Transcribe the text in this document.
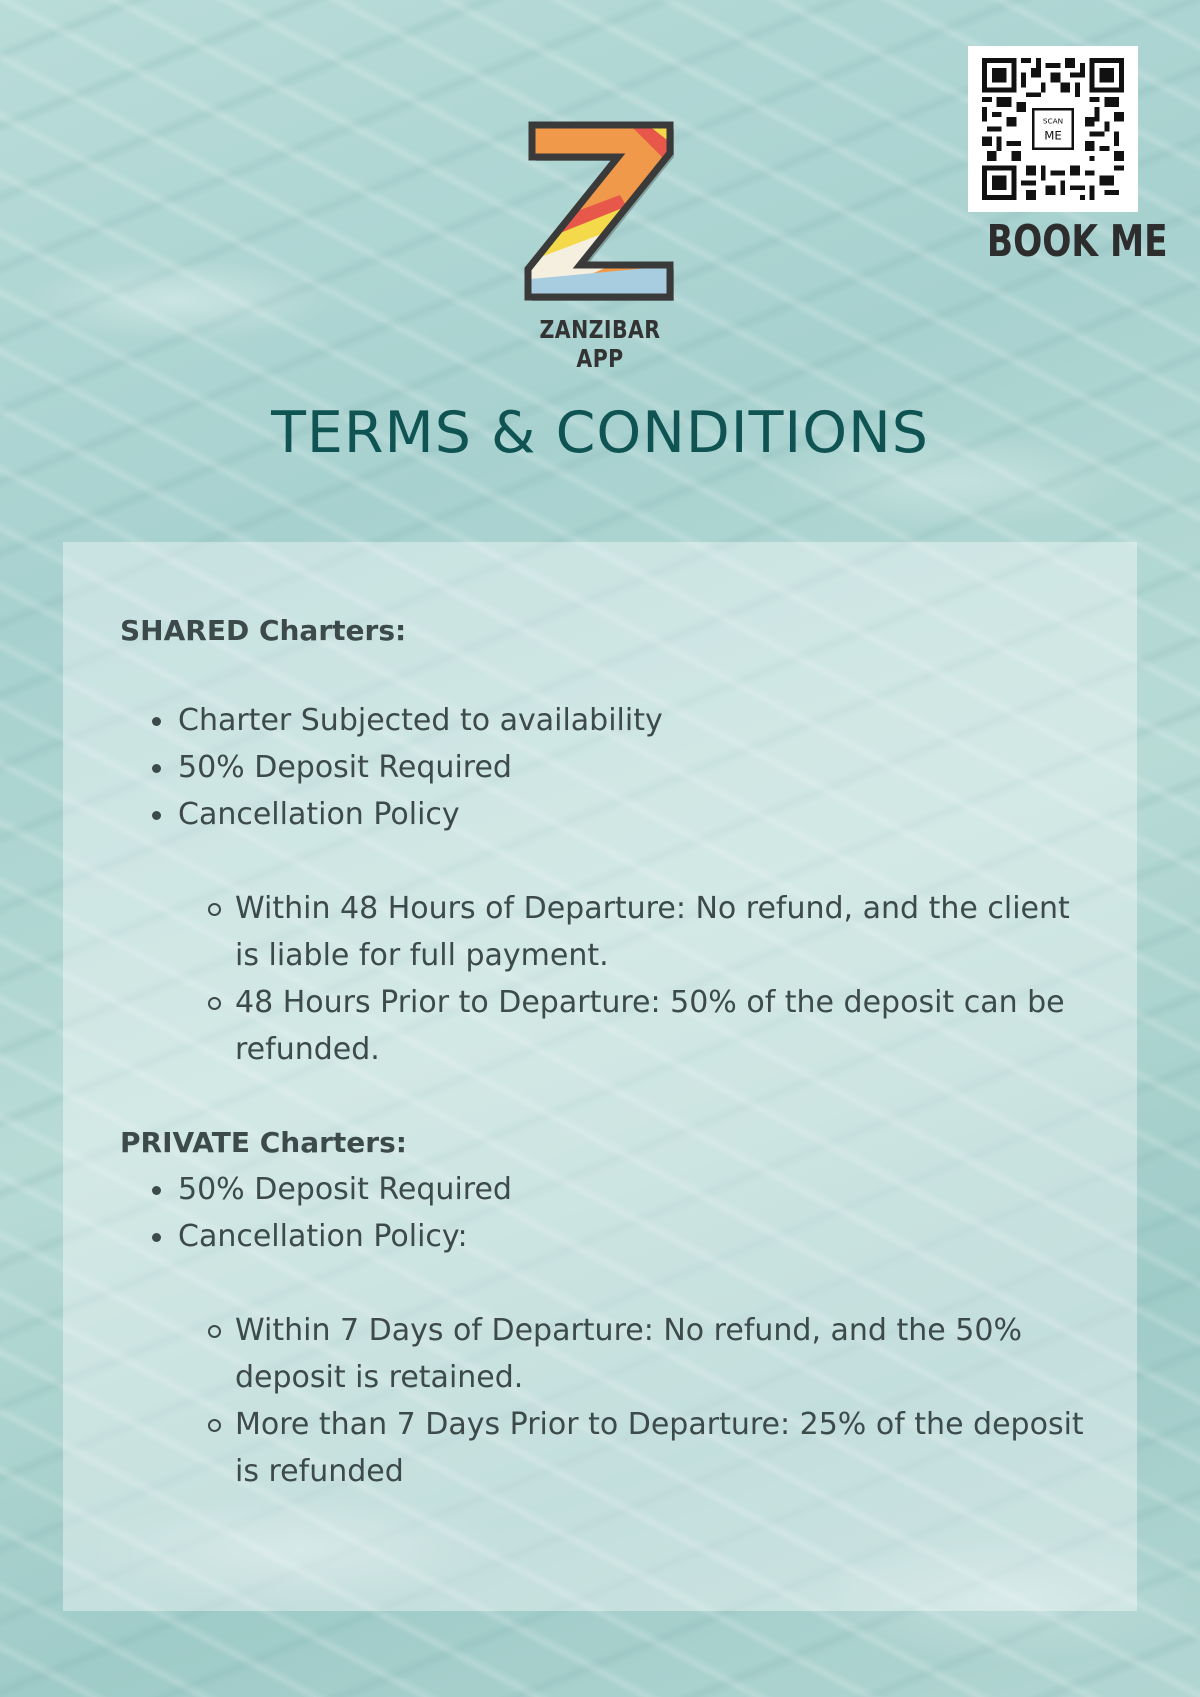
ZANZIBAR APP
SCAN
ME
BOOK ME
TERMS & CONDITIONS
SHARED Charters:
Charter Subjected to availability
50% Deposit Required
Cancellation Policy
Within 48 Hours of Departure: No refund, and the client is liable for full payment.
48 Hours Prior to Departure: 50% of the deposit can be refunded.
PRIVATE Charters:
50% Deposit Required
Cancellation Policy:
Within 7 Days of Departure: No refund, and the 50% deposit is retained.
More than 7 Days Prior to Departure: 25% of the deposit is refunded
